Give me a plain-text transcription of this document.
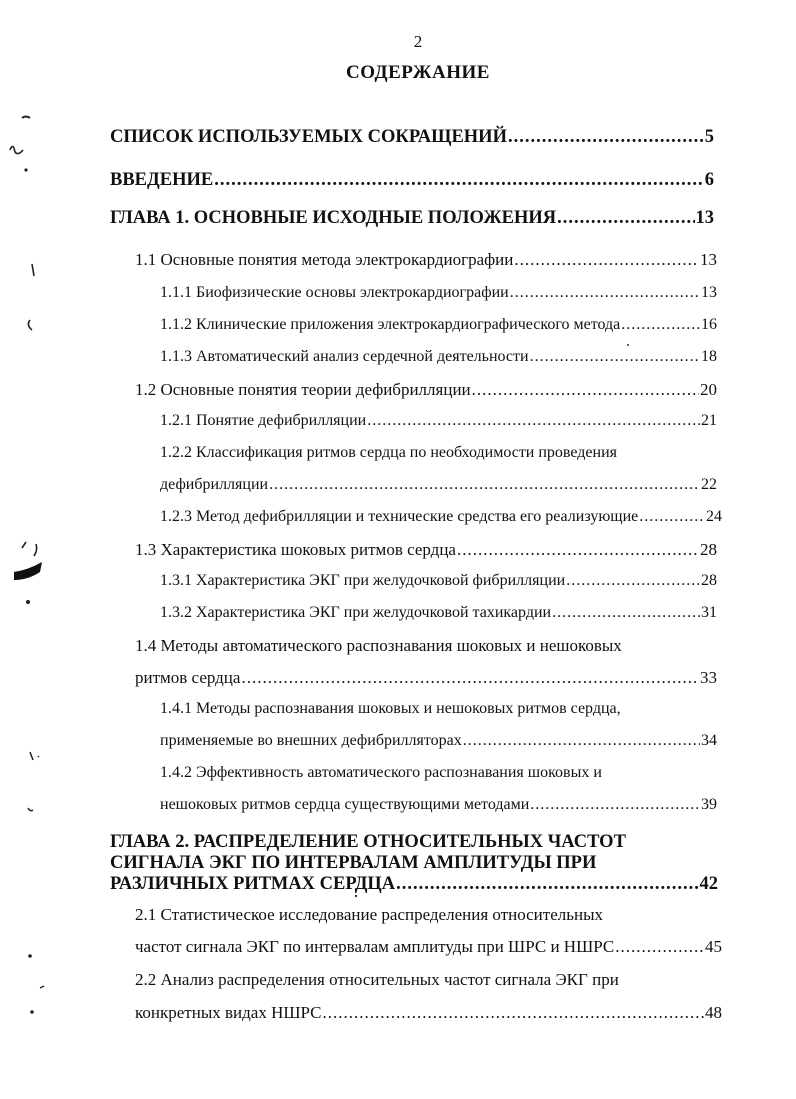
2
СОДЕРЖАНИЕ
СПИСОК ИСПОЛЬЗУЕМЫХ СОКРАЩЕНИЙ .....	5
ВВЕДЕНИЕ .....	6
ГЛАВА 1. ОСНОВНЫЕ ИСХОДНЫЕ ПОЛОЖЕНИЯ .....	13
1.1 Основные понятия метода электрокардиографии .....	13
1.1.1 Биофизические основы электрокардиографии .....	13
1.1.2 Клинические приложения электрокардиографического метода .....	16
1.1.3 Автоматический анализ сердечной деятельности .....	18
1.2 Основные понятия теории дефибрилляции .....	20
1.2.1 Понятие дефибрилляции .....	21
1.2.2 Классификация ритмов сердца по необходимости проведения
дефибрилляции .....	22
1.2.3 Метод дефибрилляции и технические средства его реализующие .....	24
1.3 Характеристика шоковых ритмов сердца .....	28
1.3.1 Характеристика ЭКГ при желудочковой фибрилляции .....	28
1.3.2 Характеристика ЭКГ при желудочковой тахикардии .....	31
1.4 Методы автоматического распознавания шоковых и нешоковых
ритмов сердца .....	33
1.4.1 Методы распознавания шоковых и нешоковых ритмов сердца,
применяемые во внешних дефибрилляторах .....	34
1.4.2 Эффективность автоматического распознавания шоковых и
нешоковых ритмов сердца существующими методами .....	39
ГЛАВА 2. РАСПРЕДЕЛЕНИЕ ОТНОСИТЕЛЬНЫХ ЧАСТОТ
СИГНАЛА ЭКГ ПО ИНТЕРВАЛАМ АМПЛИТУДЫ ПРИ
РАЗЛИЧНЫХ РИТМАХ СЕРДЦА .....	42
2.1 Статистическое исследование распределения относительных
частот сигнала ЭКГ по интервалам амплитуды при ШРС и НШРС .....	45
2.2 Анализ распределения относительных частот сигнала ЭКГ при
конкретных видах НШРС .....	48
